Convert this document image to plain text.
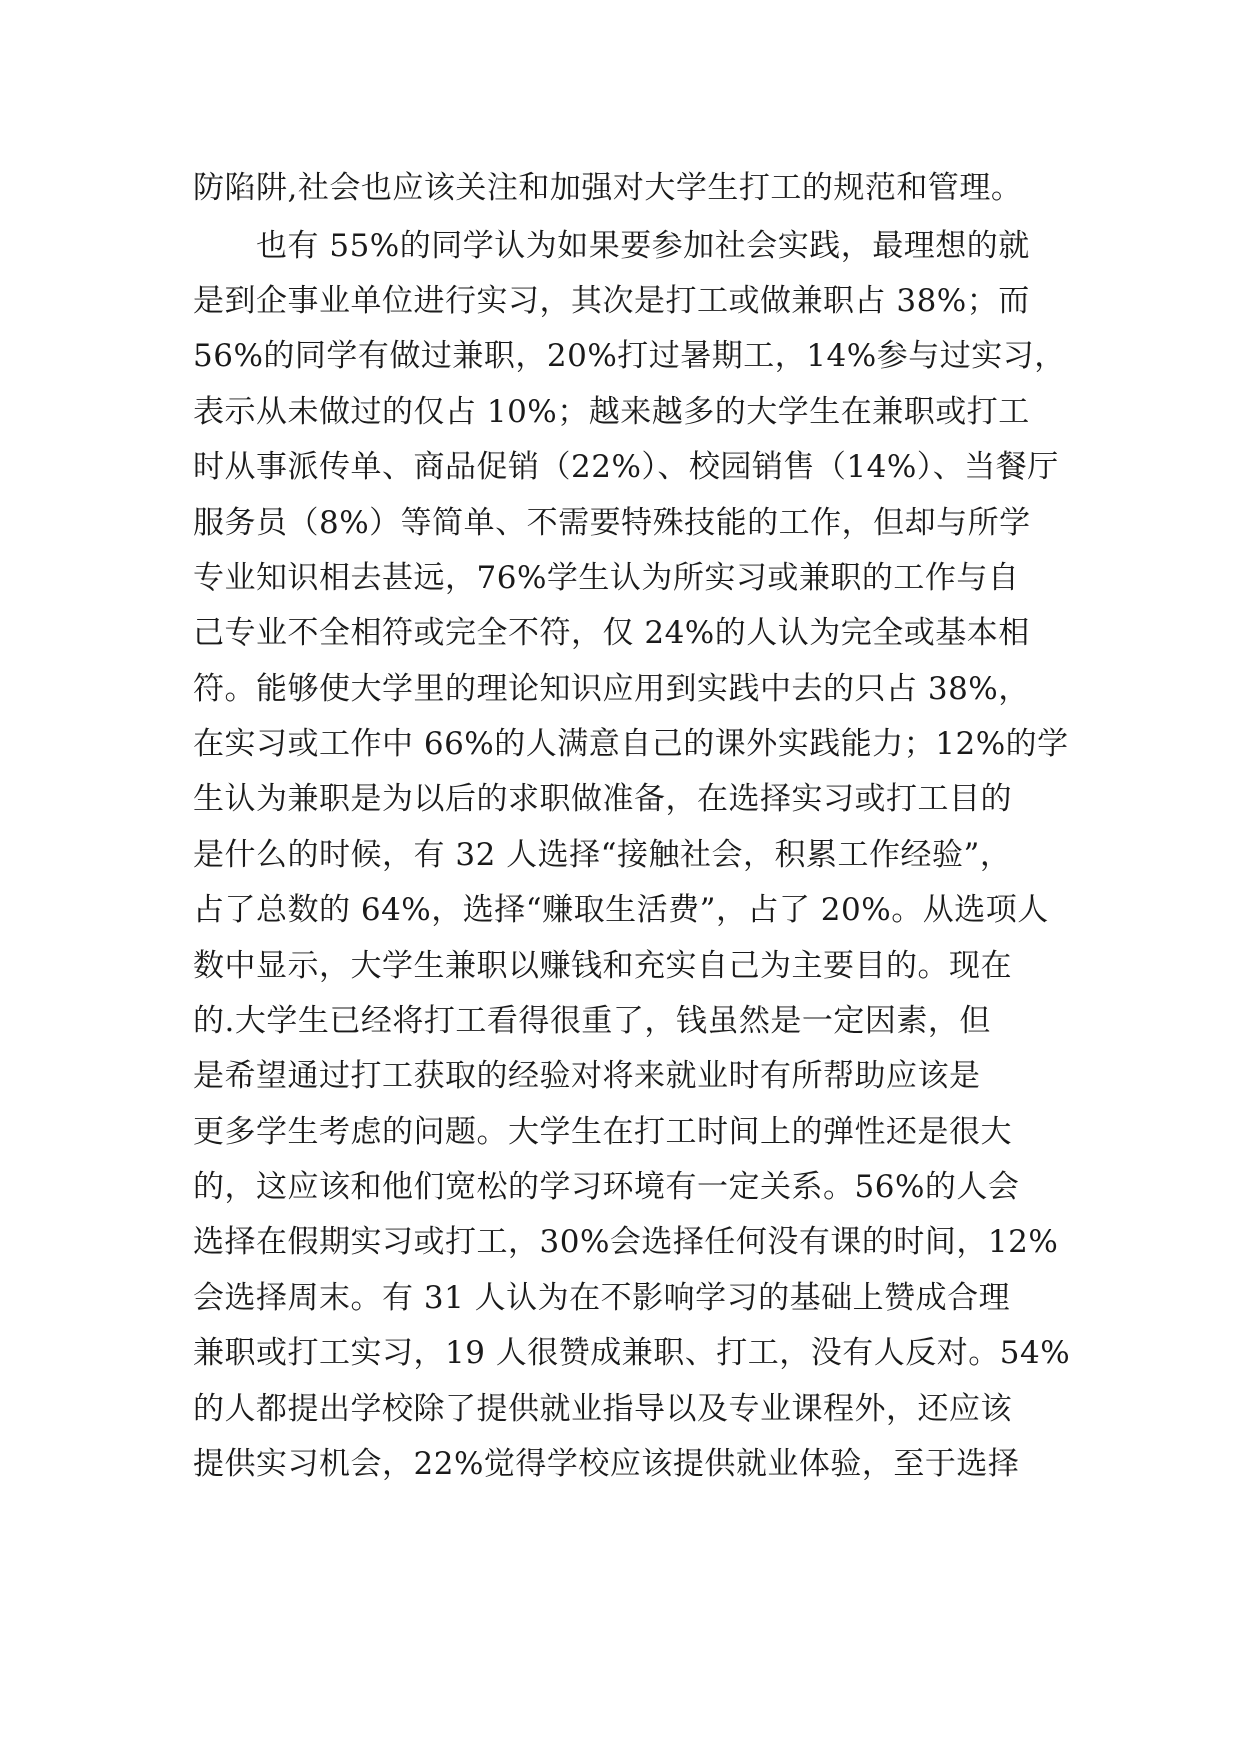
防陷阱,社会也应该关注和加强对大学生打工的规范和管理。
　　也有 55%的同学认为如果要参加社会实践，最理想的就
是到企事业单位进行实习，其次是打工或做兼职占 38%；而
56%的同学有做过兼职，20%打过暑期工，14%参与过实习，
表示从未做过的仅占 10%；越来越多的大学生在兼职或打工
时从事派传单、商品促销（22%）、校园销售（14%）、当餐厅
服务员（8%）等简单、不需要特殊技能的工作，但却与所学
专业知识相去甚远，76%学生认为所实习或兼职的工作与自
己专业不全相符或完全不符，仅 24%的人认为完全或基本相
符。能够使大学里的理论知识应用到实践中去的只占 38%，
在实习或工作中 66%的人满意自己的课外实践能力；12%的学
生认为兼职是为以后的求职做准备，在选择实习或打工目的
是什么的时候，有 32 人选择“接触社会，积累工作经验”，
占了总数的 64%，选择“赚取生活费”，占了 20%。从选项人
数中显示，大学生兼职以赚钱和充实自己为主要目的。现在
的.大学生已经将打工看得很重了，钱虽然是一定因素，但
是希望通过打工获取的经验对将来就业时有所帮助应该是
更多学生考虑的问题。大学生在打工时间上的弹性还是很大
的，这应该和他们宽松的学习环境有一定关系。56%的人会
选择在假期实习或打工，30%会选择任何没有课的时间，12%
会选择周末。有 31 人认为在不影响学习的基础上赞成合理
兼职或打工实习，19 人很赞成兼职、打工，没有人反对。54%
的人都提出学校除了提供就业指导以及专业课程外，还应该
提供实习机会，22%觉得学校应该提供就业体验，至于选择
